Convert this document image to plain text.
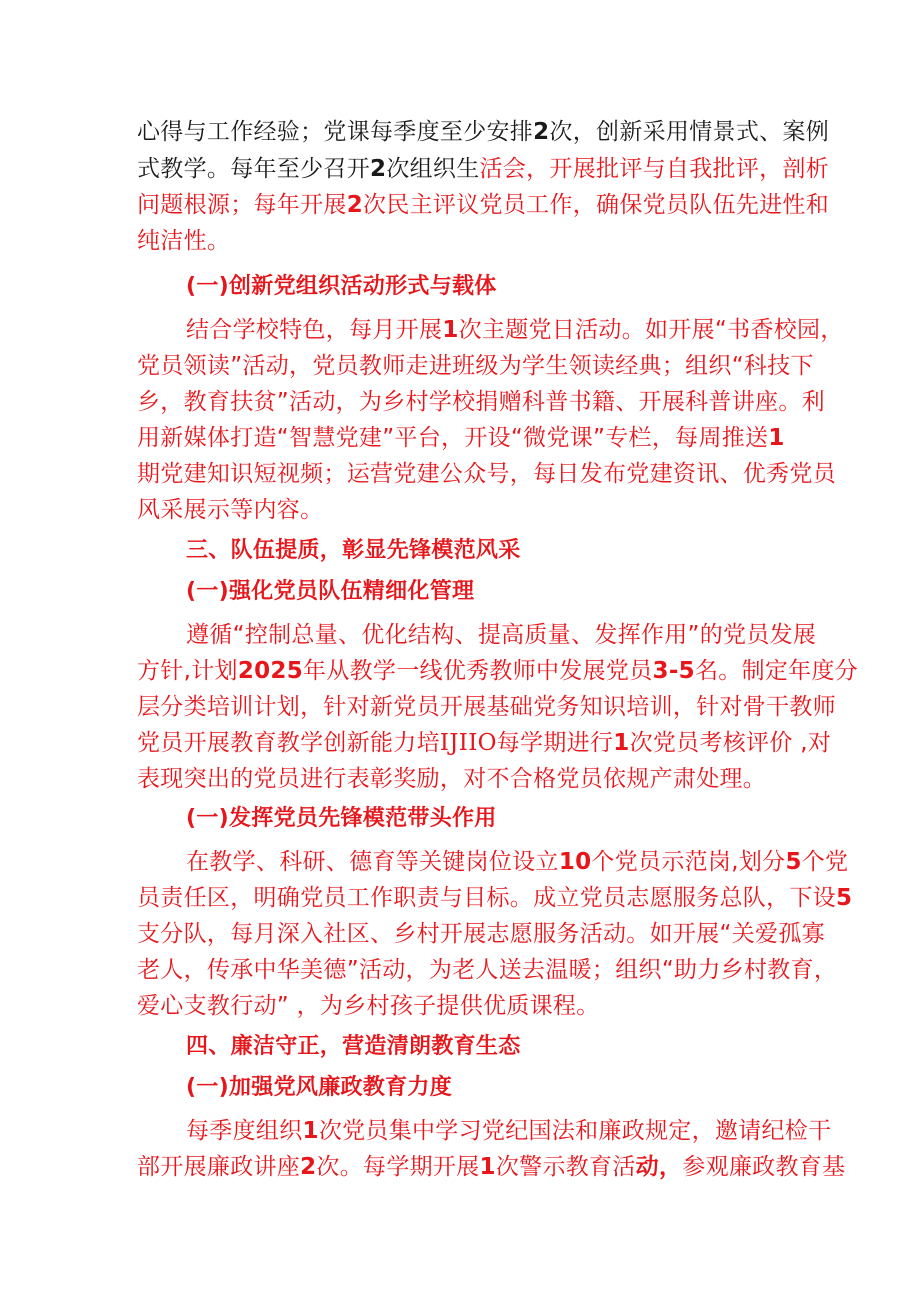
心得与工作经验；党课每季度至少安排2次，创新采用情景式、案例
式教学。每年至少召开2次组织生活会，开展批评与自我批评，剖析
问题根源；每年开展2次民主评议党员工作，确保党员队伍先进性和
纯洁性。
(一)创新党组织活动形式与载体
结合学校特色，每月开展1次主题党日活动。如开展“书香校园，
党员领读”活动，党员教师走进班级为学生领读经典；组织“科技下
乡，教育扶贫”活动，为乡村学校捐赠科普书籍、开展科普讲座。利
用新媒体打造“智慧党建”平台，开设“微党课”专栏，每周推送1
期党建知识短视频；运营党建公众号，每日发布党建资讯、优秀党员
风采展示等内容。
三、队伍提质，彰显先锋模范风采
(一)强化党员队伍精细化管理
遵循“控制总量、优化结构、提高质量、发挥作用”的党员发展
方针,计划2025年从教学一线优秀教师中发展党员3-5名。制定年度分
层分类培训计划，针对新党员开展基础党务知识培训，针对骨干教师
党员开展教育教学创新能力培IJIIO每学期进行1次党员考核评价 ,对
表现突出的党员进行表彰奖励，对不合格党员依规产肃处理。
(一)发挥党员先锋模范带头作用
在教学、科研、德育等关键岗位设立10个党员示范岗,划分5个党
员责任区，明确党员工作职责与目标。成立党员志愿服务总队，下设5
支分队，每月深入社区、乡村开展志愿服务活动。如开展“关爱孤寡
老人，传承中华美德”活动，为老人送去温暖；组织“助力乡村教育，
爱心支教行动” ，为乡村孩子提供优质课程。
四、廉洁守正，营造清朗教育生态
(一)加强党风廉政教育力度
每季度组织1次党员集中学习党纪国法和廉政规定，邀请纪检干
部开展廉政讲座2次。每学期开展1次警示教育活动，参观廉政教育基
